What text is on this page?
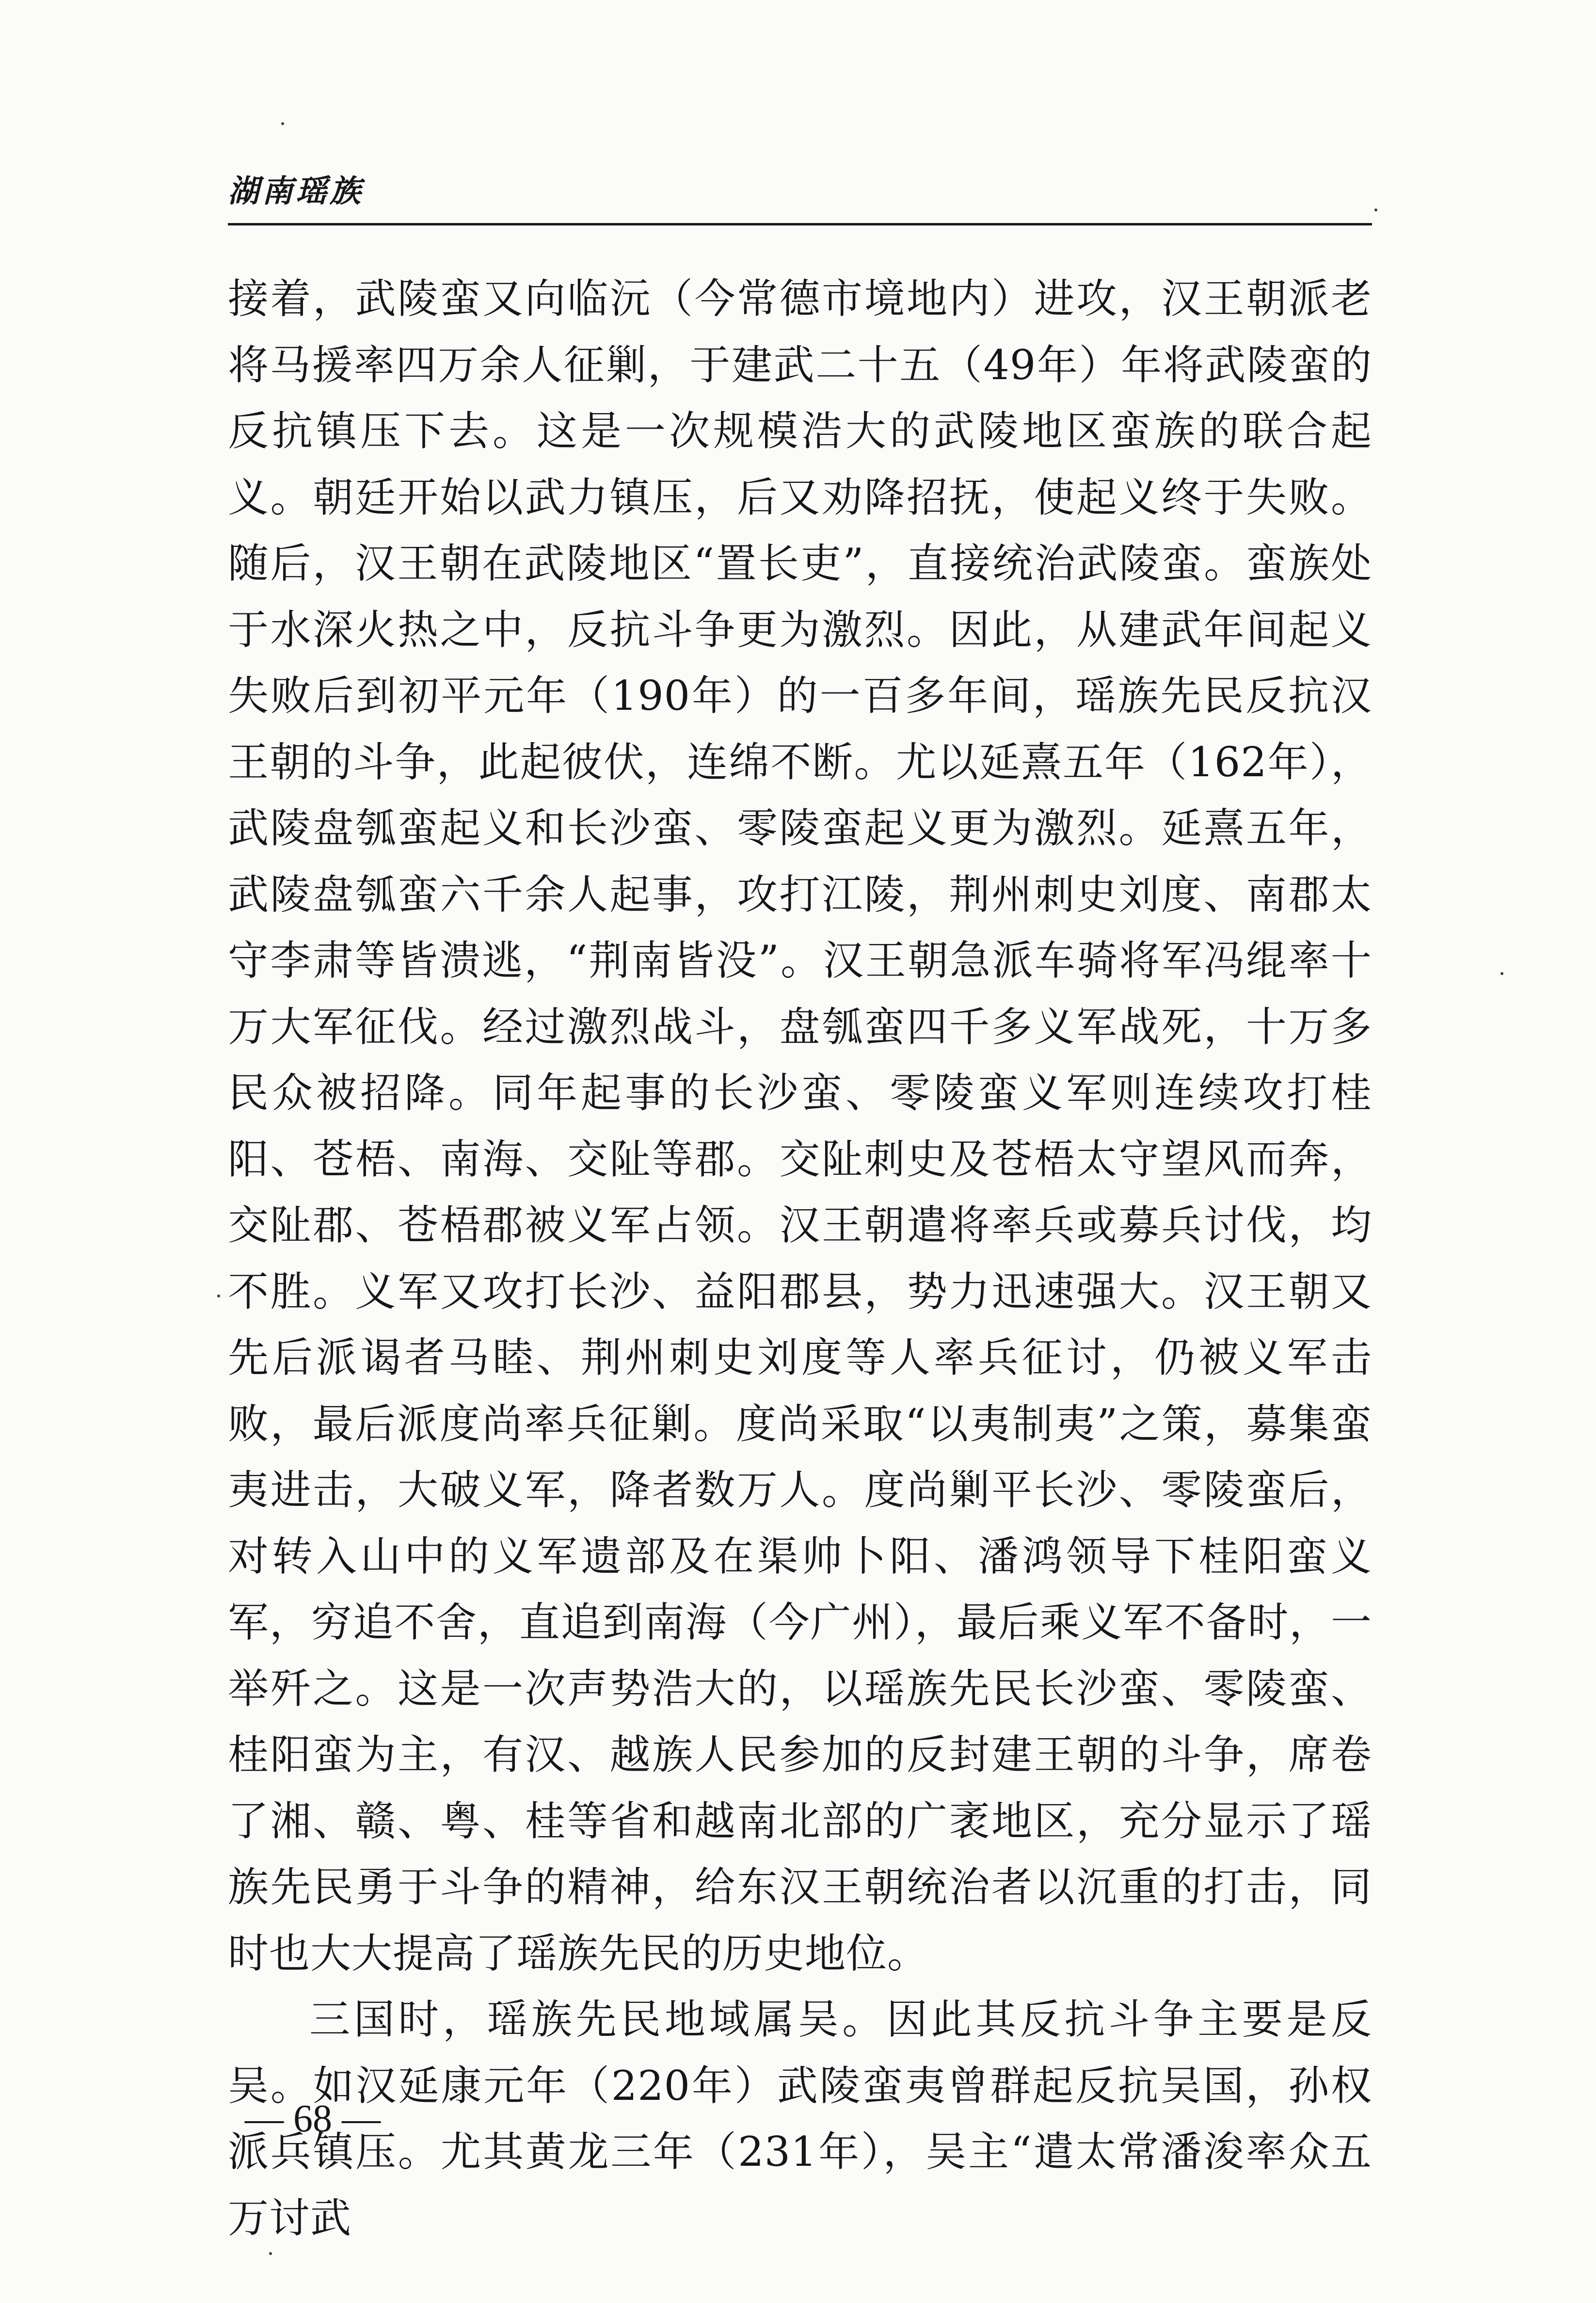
湖南瑶族

接着，武陵蛮又向临沅（今常德市境地内）进攻，汉王朝派老将马援率四万余人征剿，于建武二十五（49年）年将武陵蛮的反抗镇压下去。这是一次规模浩大的武陵地区蛮族的联合起义。朝廷开始以武力镇压，后又劝降招抚，使起义终于失败。随后，汉王朝在武陵地区“置长吏”，直接统治武陵蛮。蛮族处于水深火热之中，反抗斗争更为激烈。因此，从建武年间起义失败后到初平元年（190年）的一百多年间，瑶族先民反抗汉王朝的斗争，此起彼伏，连绵不断。尤以延熹五年（162年），武陵盘瓠蛮起义和长沙蛮、零陵蛮起义更为激烈。延熹五年，武陵盘瓠蛮六千余人起事，攻打江陵，荆州刺史刘度、南郡太守李肃等皆溃逃，“荆南皆没”。汉王朝急派车骑将军冯绲率十万大军征伐。经过激烈战斗，盘瓠蛮四千多义军战死，十万多民众被招降。同年起事的长沙蛮、零陵蛮义军则连续攻打桂阳、苍梧、南海、交阯等郡。交阯刺史及苍梧太守望风而奔，交阯郡、苍梧郡被义军占领。汉王朝遣将率兵或募兵讨伐，均不胜。义军又攻打长沙、益阳郡县，势力迅速强大。汉王朝又先后派谒者马睦、荆州刺史刘度等人率兵征讨，仍被义军击败，最后派度尚率兵征剿。度尚采取“以夷制夷”之策，募集蛮夷进击，大破义军，降者数万人。度尚剿平长沙、零陵蛮后，对转入山中的义军遗部及在渠帅卜阳、潘鸿领导下桂阳蛮义军，穷追不舍，直追到南海（今广州），最后乘义军不备时，一举歼之。这是一次声势浩大的，以瑶族先民长沙蛮、零陵蛮、桂阳蛮为主，有汉、越族人民参加的反封建王朝的斗争，席卷了湘、赣、粤、桂等省和越南北部的广袤地区，充分显示了瑶族先民勇于斗争的精神，给东汉王朝统治者以沉重的打击，同时也大大提高了瑶族先民的历史地位。

三国时，瑶族先民地域属吴。因此其反抗斗争主要是反吴。如汉延康元年（220年）武陵蛮夷曾群起反抗吴国，孙权派兵镇压。尤其黄龙三年（231年），吴主“遣太常潘浚率众五万讨武

— 68 —
